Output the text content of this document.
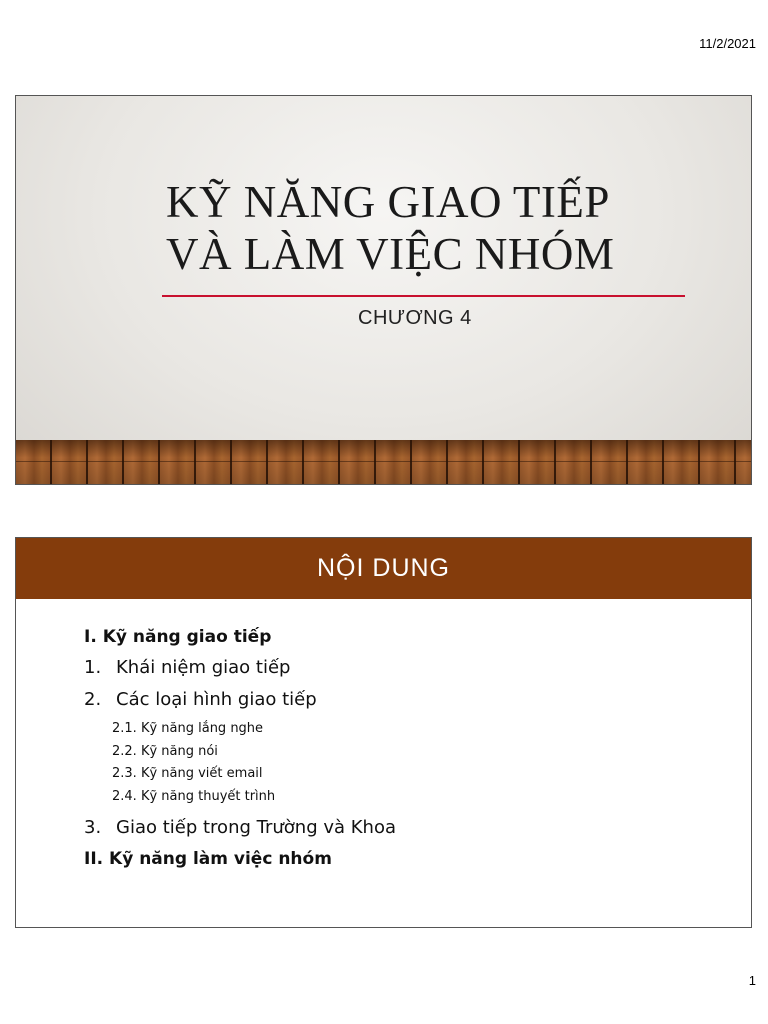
11/2/2021
KỸ NĂNG GIAO TIẾP
VÀ LÀM VIỆC NHÓM
CHƯƠNG 4
NỘI DUNG
I. Kỹ năng giao tiếp
1. Khái niệm giao tiếp
2. Các loại hình giao tiếp
2.1. Kỹ năng lắng nghe
2.2. Kỹ năng nói
2.3. Kỹ năng viết email
2.4. Kỹ năng thuyết trình
3. Giao tiếp trong Trường và Khoa
II. Kỹ năng làm việc nhóm
1
